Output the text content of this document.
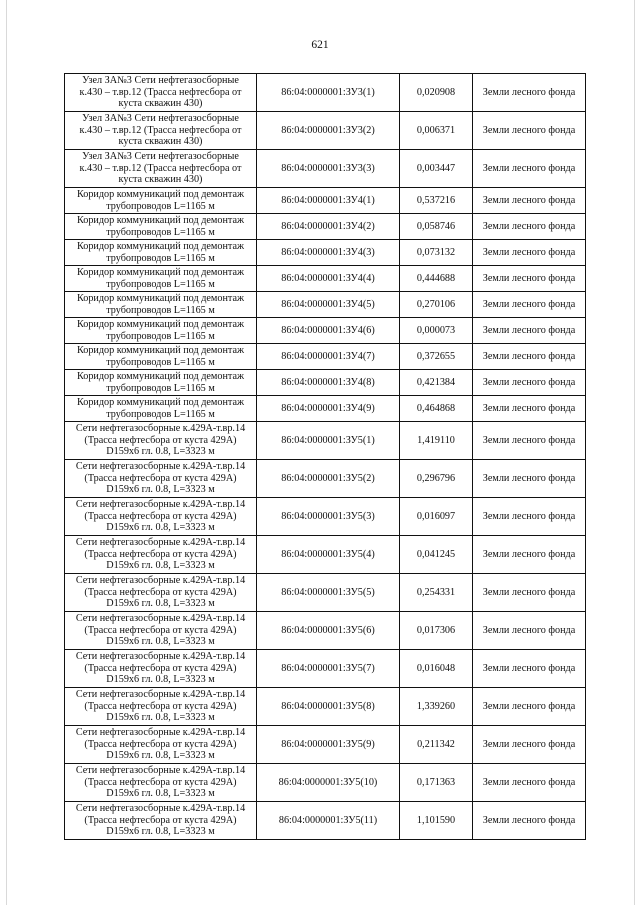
621
Узел ЗА№3 Сети нефтегазосборные
к.430 – т.вр.12 (Трасса нефтесбора от
куста скважин 430)	86:04:0000001:ЗУ3(1)	0,020908	Земли лесного фонда
Узел ЗА№3 Сети нефтегазосборные
к.430 – т.вр.12 (Трасса нефтесбора от
куста скважин 430)	86:04:0000001:ЗУ3(2)	0,006371	Земли лесного фонда
Узел ЗА№3 Сети нефтегазосборные
к.430 – т.вр.12 (Трасса нефтесбора от
куста скважин 430)	86:04:0000001:ЗУ3(3)	0,003447	Земли лесного фонда
Коридор коммуникаций под демонтаж
трубопроводов L=1165 м	86:04:0000001:ЗУ4(1)	0,537216	Земли лесного фонда
Коридор коммуникаций под демонтаж
трубопроводов L=1165 м	86:04:0000001:ЗУ4(2)	0,058746	Земли лесного фонда
Коридор коммуникаций под демонтаж
трубопроводов L=1165 м	86:04:0000001:ЗУ4(3)	0,073132	Земли лесного фонда
Коридор коммуникаций под демонтаж
трубопроводов L=1165 м	86:04:0000001:ЗУ4(4)	0,444688	Земли лесного фонда
Коридор коммуникаций под демонтаж
трубопроводов L=1165 м	86:04:0000001:ЗУ4(5)	0,270106	Земли лесного фонда
Коридор коммуникаций под демонтаж
трубопроводов L=1165 м	86:04:0000001:ЗУ4(6)	0,000073	Земли лесного фонда
Коридор коммуникаций под демонтаж
трубопроводов L=1165 м	86:04:0000001:ЗУ4(7)	0,372655	Земли лесного фонда
Коридор коммуникаций под демонтаж
трубопроводов L=1165 м	86:04:0000001:ЗУ4(8)	0,421384	Земли лесного фонда
Коридор коммуникаций под демонтаж
трубопроводов L=1165 м	86:04:0000001:ЗУ4(9)	0,464868	Земли лесного фонда
Сети нефтегазосборные к.429А-т.вр.14
(Трасса нефтесбора от куста 429А)
D159х6 гл. 0.8, L=3323 м	86:04:0000001:ЗУ5(1)	1,419110	Земли лесного фонда
Сети нефтегазосборные к.429А-т.вр.14
(Трасса нефтесбора от куста 429А)
D159х6 гл. 0.8, L=3323 м	86:04:0000001:ЗУ5(2)	0,296796	Земли лесного фонда
Сети нефтегазосборные к.429А-т.вр.14
(Трасса нефтесбора от куста 429А)
D159х6 гл. 0.8, L=3323 м	86:04:0000001:ЗУ5(3)	0,016097	Земли лесного фонда
Сети нефтегазосборные к.429А-т.вр.14
(Трасса нефтесбора от куста 429А)
D159х6 гл. 0.8, L=3323 м	86:04:0000001:ЗУ5(4)	0,041245	Земли лесного фонда
Сети нефтегазосборные к.429А-т.вр.14
(Трасса нефтесбора от куста 429А)
D159х6 гл. 0.8, L=3323 м	86:04:0000001:ЗУ5(5)	0,254331	Земли лесного фонда
Сети нефтегазосборные к.429А-т.вр.14
(Трасса нефтесбора от куста 429А)
D159х6 гл. 0.8, L=3323 м	86:04:0000001:ЗУ5(6)	0,017306	Земли лесного фонда
Сети нефтегазосборные к.429А-т.вр.14
(Трасса нефтесбора от куста 429А)
D159х6 гл. 0.8, L=3323 м	86:04:0000001:ЗУ5(7)	0,016048	Земли лесного фонда
Сети нефтегазосборные к.429А-т.вр.14
(Трасса нефтесбора от куста 429А)
D159х6 гл. 0.8, L=3323 м	86:04:0000001:ЗУ5(8)	1,339260	Земли лесного фонда
Сети нефтегазосборные к.429А-т.вр.14
(Трасса нефтесбора от куста 429А)
D159х6 гл. 0.8, L=3323 м	86:04:0000001:ЗУ5(9)	0,211342	Земли лесного фонда
Сети нефтегазосборные к.429А-т.вр.14
(Трасса нефтесбора от куста 429А)
D159х6 гл. 0.8, L=3323 м	86:04:0000001:ЗУ5(10)	0,171363	Земли лесного фонда
Сети нефтегазосборные к.429А-т.вр.14
(Трасса нефтесбора от куста 429А)
D159х6 гл. 0.8, L=3323 м	86:04:0000001:ЗУ5(11)	1,101590	Земли лесного фонда
